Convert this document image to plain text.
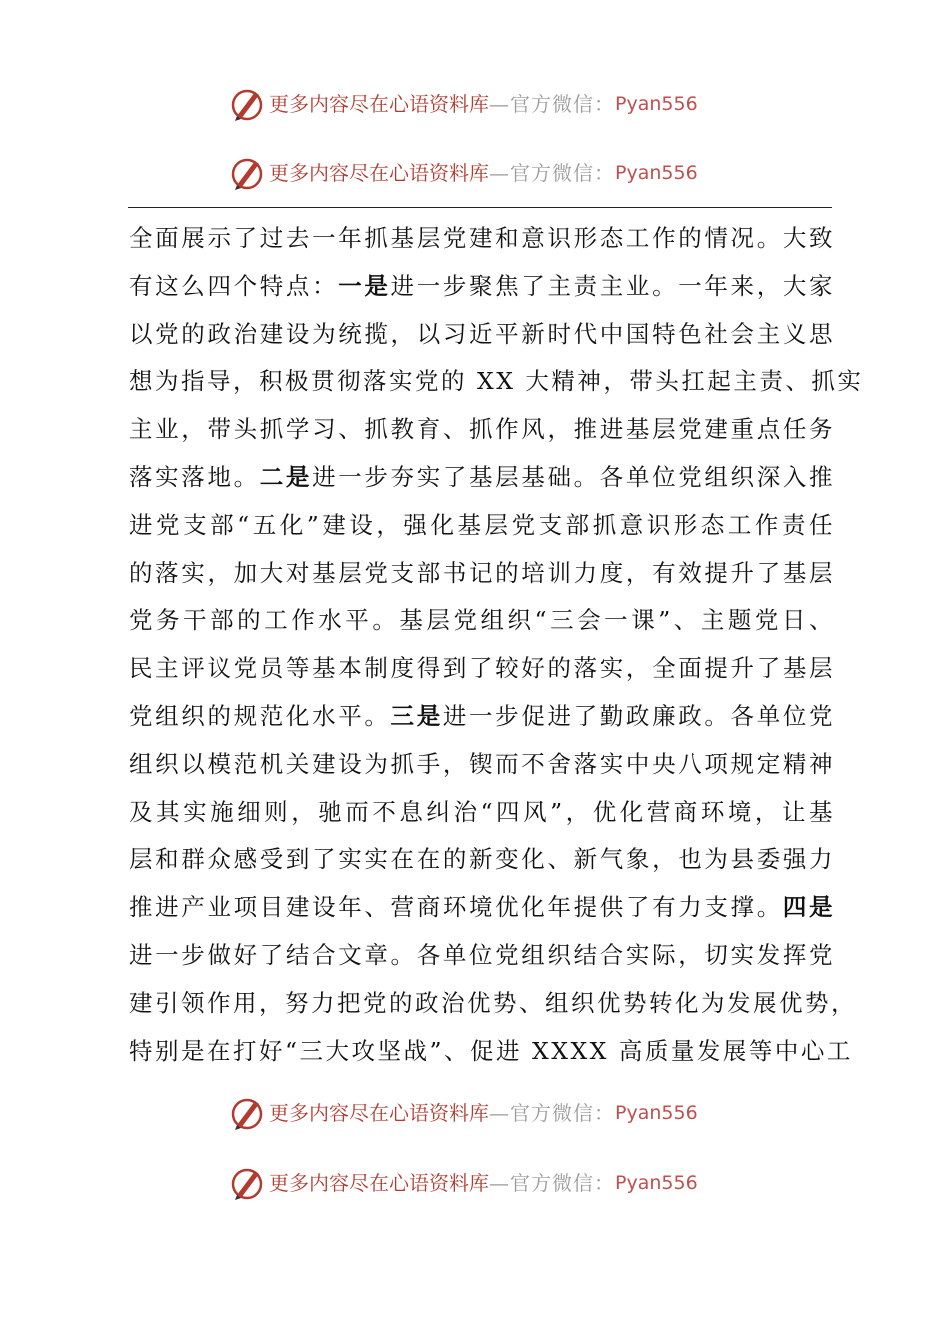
更多内容尽在心语资料库 — 官方微信： Pyan556
更多内容尽在心语资料库 — 官方微信： Pyan556
全面展示了过去一年抓基层党建和意识形态工作的情况。大致
有这么四个特点：一是进一步聚焦了主责主业。一年来，大家
以党的政治建设为统揽，以习近平新时代中国特色社会主义思
想为指导，积极贯彻落实党的 XX 大精神，带头扛起主责、抓实
主业，带头抓学习、抓教育、抓作风，推进基层党建重点任务
落实落地。二是进一步夯实了基层基础。各单位党组织深入推
进党支部“五化”建设，强化基层党支部抓意识形态工作责任
的落实，加大对基层党支部书记的培训力度，有效提升了基层
党务干部的工作水平。基层党组织“三会一课”、主题党日、
民主评议党员等基本制度得到了较好的落实，全面提升了基层
党组织的规范化水平。三是进一步促进了勤政廉政。各单位党
组织以模范机关建设为抓手，锲而不舍落实中央八项规定精神
及其实施细则，驰而不息纠治“四风”，优化营商环境，让基
层和群众感受到了实实在在的新变化、新气象，也为县委强力
推进产业项目建设年、营商环境优化年提供了有力支撑。四是
进一步做好了结合文章。各单位党组织结合实际，切实发挥党
建引领作用，努力把党的政治优势、组织优势转化为发展优势，
特别是在打好“三大攻坚战”、促进 XXXX 高质量发展等中心工
更多内容尽在心语资料库 — 官方微信： Pyan556
更多内容尽在心语资料库 — 官方微信： Pyan556
